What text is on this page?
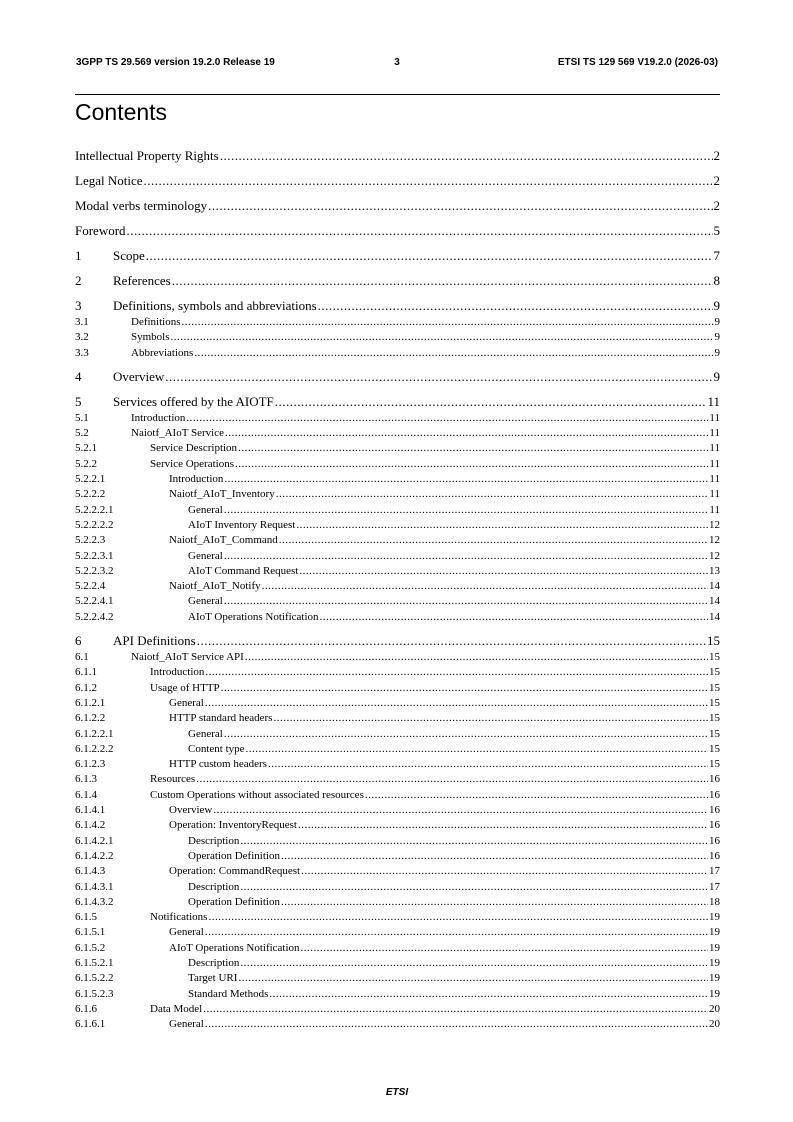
3GPP TS 29.569 version 19.2.0 Release 19	3	ETSI TS 129 569 V19.2.0 (2026-03)
Contents
Intellectual Property Rights .....	2
Legal Notice .....	2
Modal verbs terminology .....	2
Foreword .....	5
1	Scope .....	7
2	References .....	8
3	Definitions, symbols and abbreviations .....	9
3.1	Definitions .....	9
3.2	Symbols .....	9
3.3	Abbreviations .....	9
4	Overview .....	9
5	Services offered by the AIOTF .....	11
5.1	Introduction .....	11
5.2	Naiotf_AIoT Service .....	11
5.2.1	Service Description .....	11
5.2.2	Service Operations .....	11
5.2.2.1	Introduction .....	11
5.2.2.2	Naiotf_AIoT_Inventory .....	11
5.2.2.2.1	General .....	11
5.2.2.2.2	AIoT Inventory Request .....	12
5.2.2.3	Naiotf_AIoT_Command .....	12
5.2.2.3.1	General .....	12
5.2.2.3.2	AIoT Command Request .....	13
5.2.2.4	Naiotf_AIoT_Notify .....	14
5.2.2.4.1	General .....	14
5.2.2.4.2	AIoT Operations Notification .....	14
6	API Definitions .....	15
6.1	Naiotf_AIoT Service API .....	15
6.1.1	Introduction .....	15
6.1.2	Usage of HTTP .....	15
6.1.2.1	General .....	15
6.1.2.2	HTTP standard headers .....	15
6.1.2.2.1	General .....	15
6.1.2.2.2	Content type .....	15
6.1.2.3	HTTP custom headers .....	15
6.1.3	Resources .....	16
6.1.4	Custom Operations without associated resources .....	16
6.1.4.1	Overview .....	16
6.1.4.2	Operation: InventoryRequest .....	16
6.1.4.2.1	Description .....	16
6.1.4.2.2	Operation Definition .....	16
6.1.4.3	Operation: CommandRequest .....	17
6.1.4.3.1	Description .....	17
6.1.4.3.2	Operation Definition .....	18
6.1.5	Notifications .....	19
6.1.5.1	General .....	19
6.1.5.2	AIoT Operations Notification .....	19
6.1.5.2.1	Description .....	19
6.1.5.2.2	Target URI .....	19
6.1.5.2.3	Standard Methods .....	19
6.1.6	Data Model .....	20
6.1.6.1	General .....	20
ETSI
